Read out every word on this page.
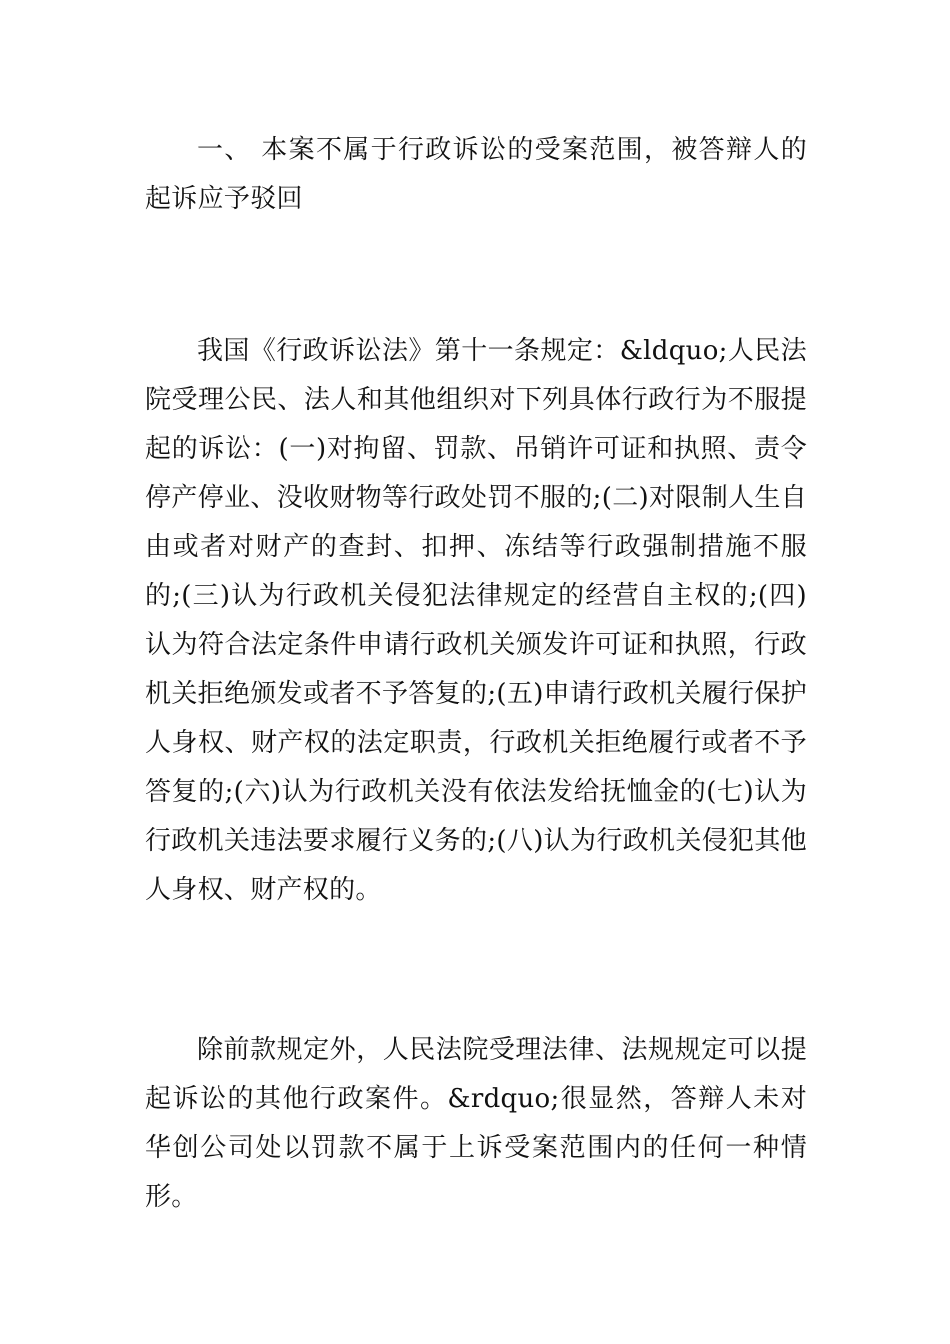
一、 本案不属于行政诉讼的受案范围，被答辩人的起诉应予驳回

我国《行政诉讼法》第十一条规定：&ldquo;人民法院受理公民、法人和其他组织对下列具体行政行为不服提起的诉讼：(一)对拘留、罚款、吊销许可证和执照、责令停产停业、没收财物等行政处罚不服的;(二)对限制人生自由或者对财产的查封、扣押、冻结等行政强制措施不服的;(三)认为行政机关侵犯法律规定的经营自主权的;(四)认为符合法定条件申请行政机关颁发许可证和执照，行政机关拒绝颁发或者不予答复的;(五)申请行政机关履行保护人身权、财产权的法定职责，行政机关拒绝履行或者不予答复的;(六)认为行政机关没有依法发给抚恤金的(七)认为行政机关违法要求履行义务的;(八)认为行政机关侵犯其他人身权、财产权的。

除前款规定外，人民法院受理法律、法规规定可以提起诉讼的其他行政案件。&rdquo;很显然，答辩人未对华创公司处以罚款不属于上诉受案范围内的任何一种情形。
